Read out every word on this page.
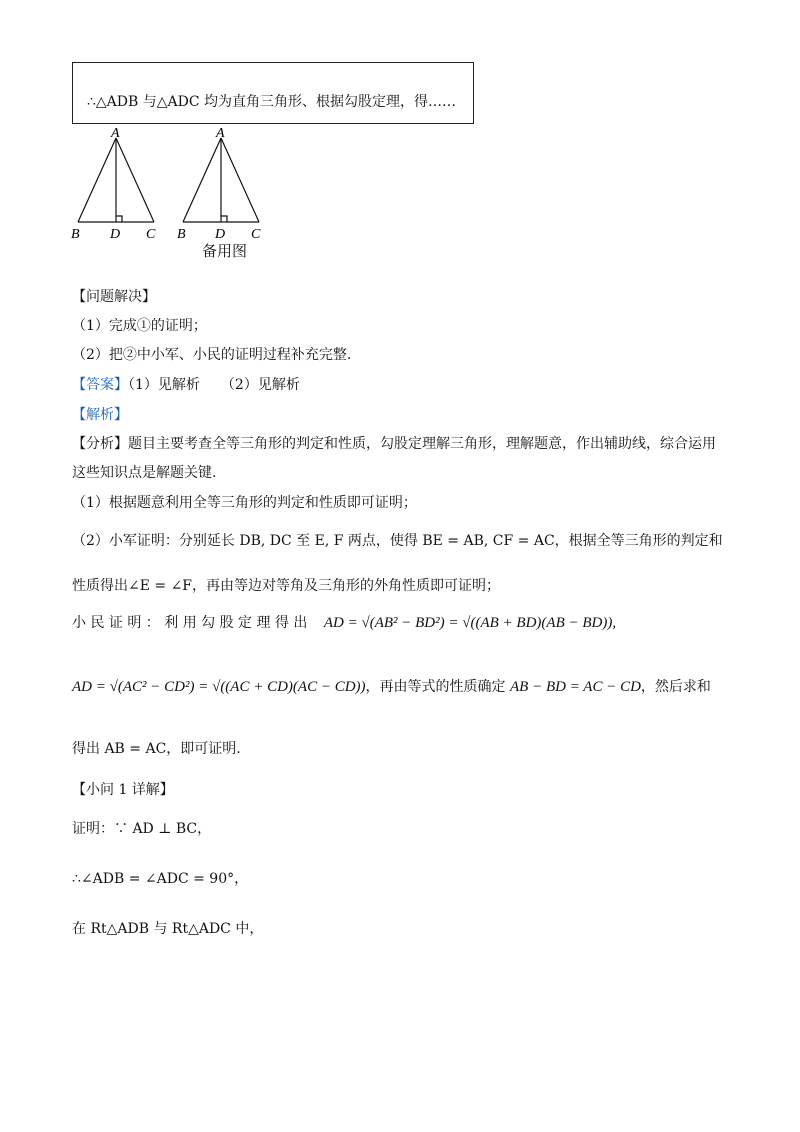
∴△ADB 与△ADC 均为直角三角形、根据勾股定理，得……
A
B D C
A
B D C
备用图
【问题解决】
（1）完成①的证明；
（2）把②中小军、小民的证明过程补充完整.
【答案】（1）见解析　　（2）见解析
【解析】
【分析】题目主要考查全等三角形的判定和性质，勾股定理解三角形，理解题意，作出辅助线，综合运用
这些知识点是解题关键.
（1）根据题意利用全等三角形的判定和性质即可证明；
（2）小军证明：分别延长 DB, DC 至 E, F 两点，使得 BE = AB, CF = AC，根据全等三角形的判定和
性质得出∠E = ∠F，再由等边对等角及三角形的外角性质即可证明；
小 民 证 明 ： 利 用 勾 股 定 理 得 出 AD = √(AB² − BD²) = √((AB + BD)(AB − BD)),
AD = √(AC² − CD²) = √((AC + CD)(AC − CD))，再由等式的性质确定 AB − BD = AC − CD，然后求和
得出 AB = AC，即可证明.
【小问 1 详解】
证明：∵ AD ⊥ BC，
∴∠ADB = ∠ADC = 90°，
在 Rt△ADB 与 Rt△ADC 中，
